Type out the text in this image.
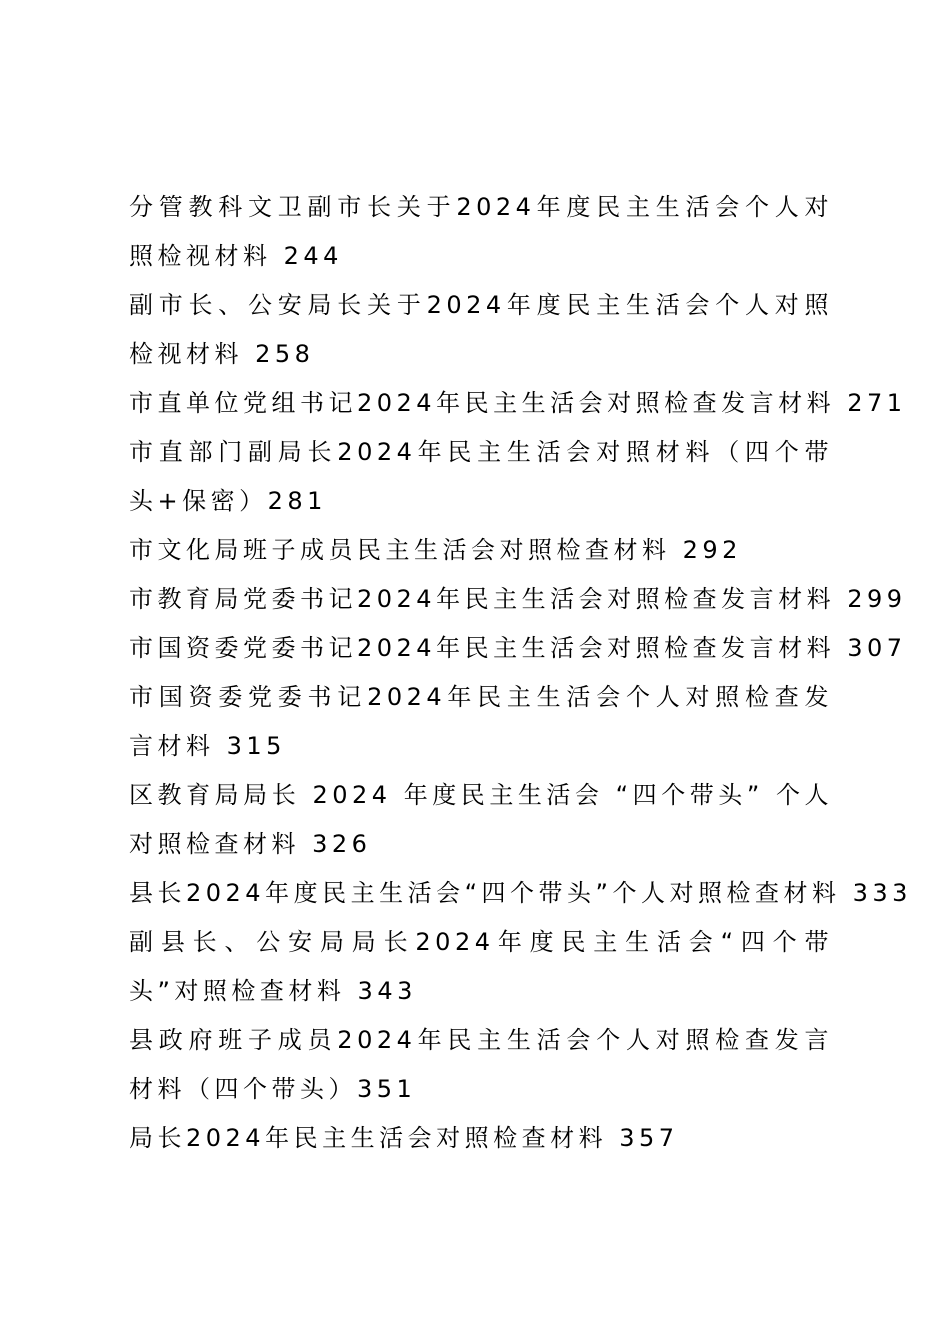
分管教科文卫副市长关于2024年度民主生活会个人对照检视材料 244
副市长、公安局长关于2024年度民主生活会个人对照检视材料 258
市直单位党组书记2024年民主生活会对照检查发言材料 271
市直部门副局长2024年民主生活会对照材料（四个带头+保密）281
市文化局班子成员民主生活会对照检查材料 292
市教育局党委书记2024年民主生活会对照检查发言材料 299
市国资委党委书记2024年民主生活会对照检查发言材料 307
市国资委党委书记2024年民主生活会个人对照检查发言材料 315
区教育局局长 2024 年度民主生活会 “四个带头” 个人对照检查材料 326
县长2024年度民主生活会“四个带头”个人对照检查材料 333
副县长、公安局局长2024年度民主生活会“四个带头”对照检查材料 343
县政府班子成员2024年民主生活会个人对照检查发言材料（四个带头）351
局长2024年民主生活会对照检查材料 357
